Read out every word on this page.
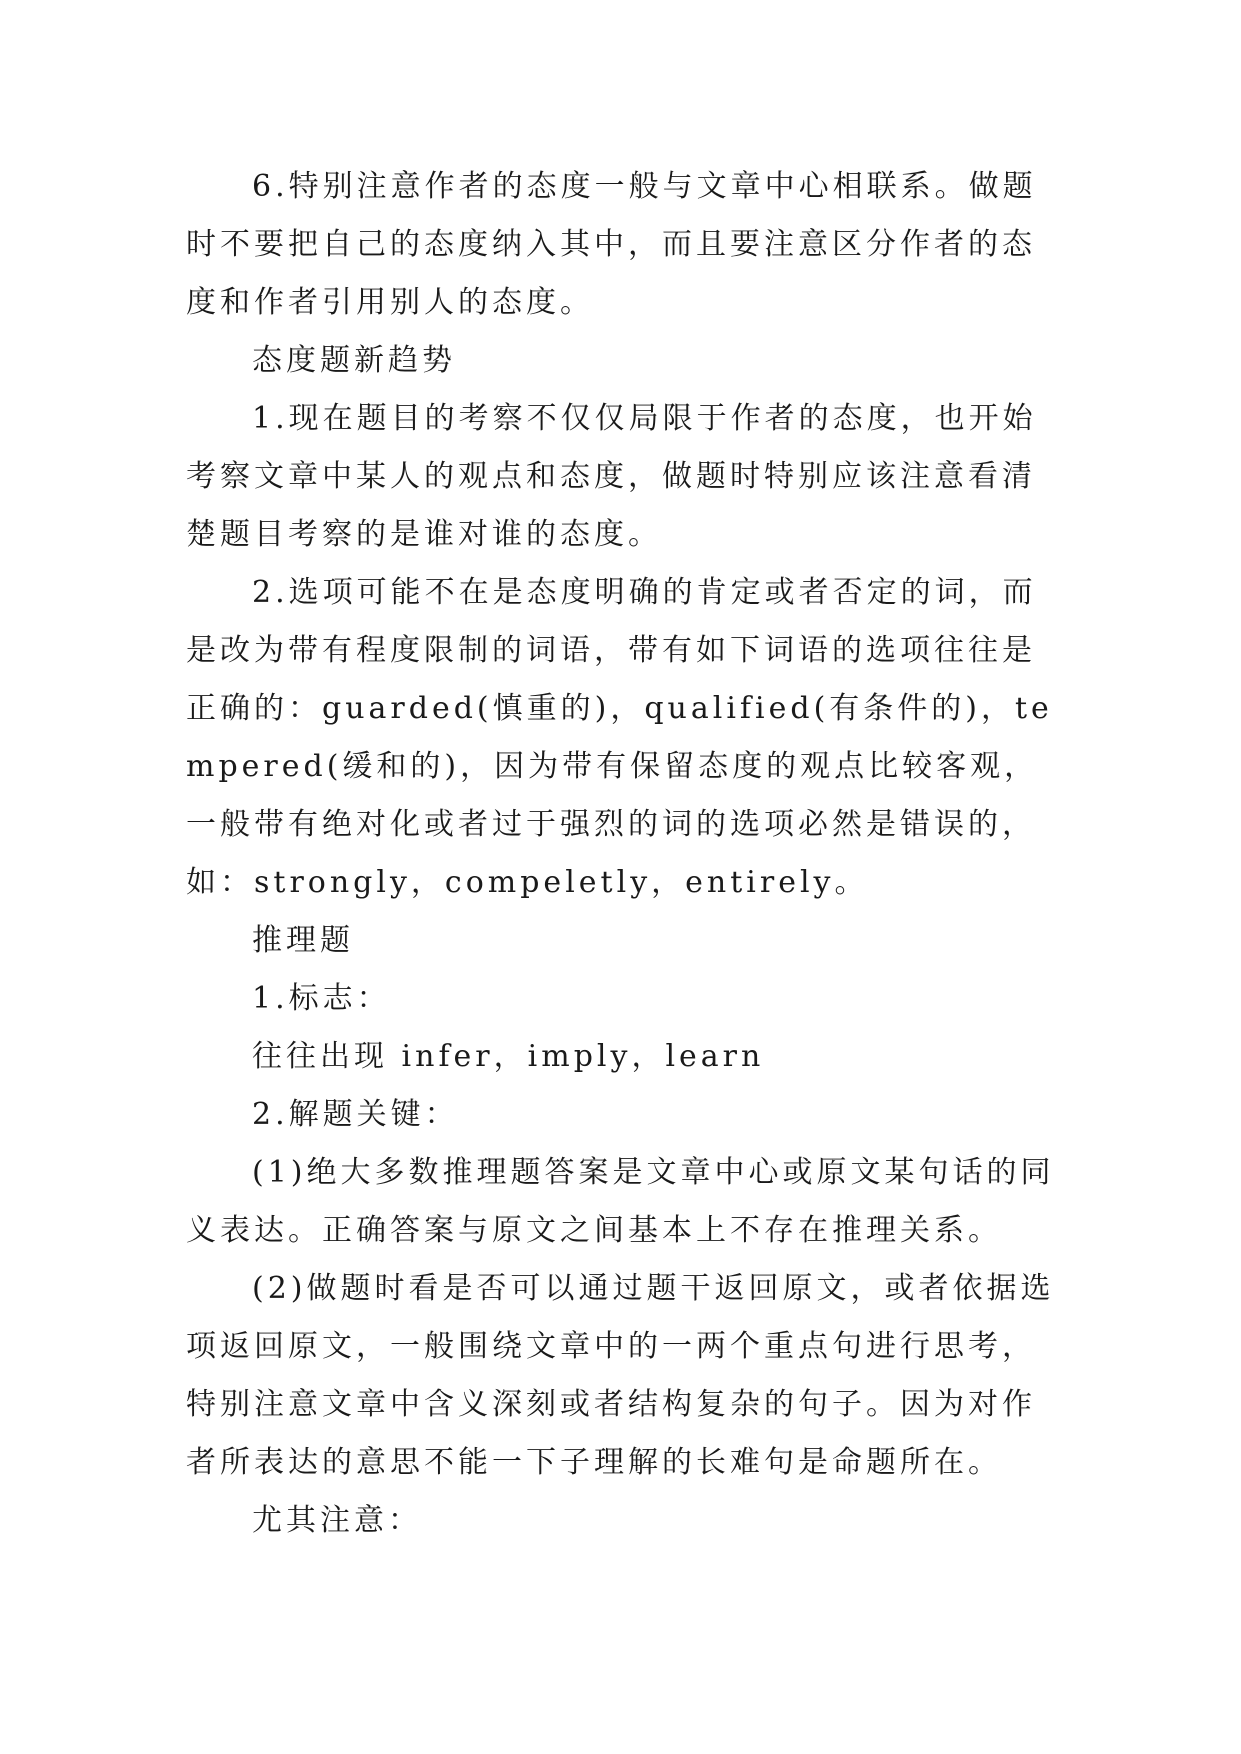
6.特别注意作者的态度一般与文章中心相联系。做题时不要把自己的态度纳入其中，而且要注意区分作者的态度和作者引用别人的态度。

态度题新趋势

1.现在题目的考察不仅仅局限于作者的态度，也开始考察文章中某人的观点和态度，做题时特别应该注意看清楚题目考察的是谁对谁的态度。

2.选项可能不在是态度明确的肯定或者否定的词，而是改为带有程度限制的词语，带有如下词语的选项往往是正确的：guarded(慎重的)，qualified(有条件的)，tempered(缓和的)，因为带有保留态度的观点比较客观，一般带有绝对化或者过于强烈的词的选项必然是错误的，如：strongly，compeletly，entirely。

推理题

1.标志：

往往出现 infer，imply，learn

2.解题关键：

(1)绝大多数推理题答案是文章中心或原文某句话的同义表达。正确答案与原文之间基本上不存在推理关系。

(2)做题时看是否可以通过题干返回原文，或者依据选项返回原文，一般围绕文章中的一两个重点句进行思考，特别注意文章中含义深刻或者结构复杂的句子。因为对作者所表达的意思不能一下子理解的长难句是命题所在。

尤其注意：
